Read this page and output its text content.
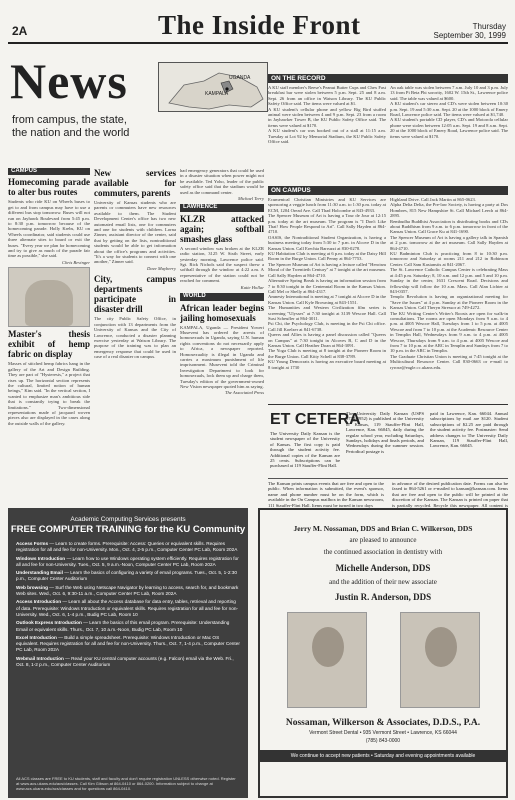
2A	The Inside Front	Thursday
September 30, 1999
News
from campus, the state,
the nation and the world
UGANDA
KAMPALA
CAMPUS
Homecoming parade to alter bus routes
Students who ride KU on Wheels buses to get to and from campus may have to use a different bus stop tomorrow. Buses will not run on Jayhawk Boulevard from 5:45 p.m. to 8:30 p.m. tomorrow because of the homecoming parade. Holly Krebs, KU on Wheels coordinator, said students could use three alternate sites to board or exit the buses. "Every year we plan for homecoming and try to give as much of the parade fair time as possible," she said.
Chris Bevinger
Master's thesis exhibit of hemp fabric on display
Masses of stitched hemp fabrics hang in the gallery of the Art and Design Building. They are part of "Hysteresis," a project that rises up. The horizontal section represents the cultural, limited notion of human beings," Kim said. "In the vertical section, I wanted to emphasize man's ambitious side that is constantly trying to break the limitations." Two-dimensional representations made of jacquard woven pieces also are displayed in the cases along the outside walls of the gallery.
New services available for commuters, parents
University of Kansas students who are parents or commuters have new resources available to them. The Student Development Center's office has two new automated email lists, one for commuters and one for students with children. Lorna Zinner, assistant director of the center, said that by getting on the lists, nontraditional students would be able to get information about the office's programs and activities. "It's a way for students to connect with one another," Zinner said.
Dave Mayberry
City, campus departments participate in disaster drill
The city Public Safety Office, in conjunction with 13 departments from the University of Kansas and the City of Lawrence, conducted a disaster planning exercise yesterday at Watson Library. The purpose of the training was to plan an emergency response that could be used in case of a real disaster on campus.
had emergency generators that could be used in a disaster situation when power might not be available. Ted Yoho, leader of the public safety office said that the stadium would be used as the command center.
Michael Terry
LAWRENCE
KLZR attacked again; softball smashes glass
A second window was broken at the KLZR radio station, 3125 W. Sixth Street, early yesterday morning, Lawrence police said. Sgt. Rick Nichols said the suspect threw a softball through the window at 4:22 a.m. A representative of the station could not be reached for comment.
Katie Hollar
WORLD
African leader begins jailing homosexuals
KAMPALA, Uganda — President Yoweri Museveni has ordered the arrests of homosexuals in Uganda, saying U.N. human rights conventions do not necessarily apply to Africa, a newspaper reported. Homosexuality is illegal in Uganda and carries a maximum punishment of life imprisonment. Museveni told the Criminal Investigation Department to look for homosexuals, lock them up and charge them, Tuesday's edition of the government-owned New Vision newspaper quoted him as saying.
The Associated Press
ON THE RECORD
A KU staff member's Reese's Peanut Butter Cups and Chex Fast breakfast bar were stolen between 5 p.m. Sept. 25 and 8 a.m. Sept. 26 from an office in Watson Library. The KU Public Safety Office said. The items were valued at $1.
A KU student's cellular phone and yellow Big Bird stuffed animal were stolen between 4 and 9 p.m. Sept. 23 from a room in Jayhawker Tower B, the KU Public Safety Office said. The items were valued at $170.
A KU student's car was booked out of a stall at 11:15 a.m. Tuesday at Lot 92 by Memorial Stadium, the KU Public Safety Office said.
An oak table was stolen between 7 a.m. July 10 and 3 p.m. July 13 from Pi Beta Phi sorority, 1602 W. 15th St., Lawrence police said. The table was valued at $600.
A KU student's car stereo and CD's were stolen between 10:30 p.m. Sept. 19 and 5:30 a.m. Sept. 20 at the 1000 block of Emery Road, Lawrence police said. The items were valued at $1,740.
A KU student's portable CD player, CD's and Motorola cellular phone were stolen between 12:05 a.m. Sept. 19 and 8 a.m. Sept. 20 at the 1000 block of Emery Road, Lawrence police said. The items were valued at $170.
ON CAMPUS
Ecumenical Christian Ministries and KU Services are sponsoring a veggie lunch from 11:30 a.m. to 1:30 p.m. today at ECM, 1204 Oread Ave. Call Thad Holcombe at 843-4933.
The Spencer Museum of Art is having a Tour de Jour at 12:15 p.m. today at the art museum. The program is "I Don't Like That! How People Respond to Art". Call Sally Hayden at 864-4710.
OASIS, the Nontraditional Student Organization, is having a business meeting today from 5:30 to 7 p.m. in Alcove D in the Kansas Union. Call Erechia Barruzzi at 830-0278.
KU Habitation Club is meeting at 6 p.m. today at the Daisy Hill Room in the Burge Union. Call Penny at 864-7753.
The Spencer Museum of Art is having a lecture called "Heroism Moral of the Twentieth Century" at 7 tonight at the art museum. Call Sally Hayden at 864-4710.
Alternative Spring Break is having an information session from 7 to 8:30 tonight in the Centennial Room in the Kansas Union. Call Mel or Shelly at 864-4317.
Amnesty International is meeting at 7 tonight at Alcove D in the Kansas Union. Call Kyle Browning at 843-1551.
The Humanities and Western Civilization film series is screening "Ulysses" at 7:30 tonight at 3139 Wescoe Hall. Call Susi Scheufler at 864-3011.
Psi Chi, the Psychology Club, is meeting in the Psi Chi office. Call Jill Koelzer at 841-6738.
Queers and Allies is having a panel discussion called "Queers on Campus" at 7:30 tonight in Alcoves B, C and D in the Kansas Union. Call Heather Doan at 864-3091.
The Yoga Club is meeting at 8 tonight at the Pioneer Room in the Burge Union. Call Kitty Schell at 838-3789.
KU Young Democrats is having an executive board meeting at 8 tonight at 1730
Highland Drive. Call Jack Martin at 865-0623.
Alpha Delta Delta, the Pre-law Society, is having a party at Dos Hombres, 815 New Hampshire St. Call Michael Leech at 864-2895.
Rembudha Buddhist Association is distributing books and CDs about Buddhism from 9 a.m. to 6 p.m. tomorrow in front of the Kansas Union. Call Grace Ku at 841-1690.
The Spencer Museum of Art is having a gallery talk in Spanish at 2 p.m. tomorrow at the art museum. Call Sally Hayden at 864-4710.
KU Badminton Club is practicing from 8 to 10:30 p.m. tomorrow and Saturday at rooms 211 and 212 in Robinson Center. Call Sam Kasianstis at 841-2067.
The St. Lawrence Catholic Campus Center is celebrating Mass at 4:45 p.m. Saturday; 8, 10 a.m. and 12 p.m. and 5 and 10 p.m. Sunday in the center, 1631 Crescent Road. Decisions and fellowship will follow the 10 a.m. Mass. Call Alan Lichter at 843-0357.
Templo Revolution is having an organizational meeting for "Save the Issues" at 4 p.m. Sunday at the Pioneer Room in the Kansas Union. Call Theryn Stressor at 749-4272.
The KU Writing Center's Writer's Roosts are open for walk-in consultations. The rooms are open Mondays from 9 a.m. to 4 p.m. at 4005 Wescoe Hall, Tuesdays from 1 to 5 p.m. at 4005 Wescoe and from 7 to 10 p.m. at the Academic Resource Center in Templin Hall, Wednesdays from 9 a.m. to 4 p.m. at 4005 Wescoe, Thursdays from 9 a.m. to 4 p.m. at 4005 Wescoe and from 7 to 10 p.m. at the ARC in Templin and Sundays from 7 to 10 p.m. in the ARC in Templin.
The Graduate Christian Union is meeting at 7:45 tonight at the Multicultural Resource Center. Call 830-0663 or e-mail to ryrose@eagle.cc.ukans.edu.
ET CETERA
The University Daily Kansan is the student newspaper of the University of Kansas. The first copy is paid through the student activity fee. Additional copies of the Kansan are 25 cents. Subscriptions can be purchased at 119 Stauffer-Flint Hall.
The University Daily Kansan (USPS 0734-4952) is published at the University of Kansas, 119 Stauffer-Flint Hall, Lawrence, Kan. 66045, daily during the regular school year, excluding Saturdays, Sundays, holidays and finals periods, and Wednesdays during the summer session. Periodical postage is
paid in Lawrence, Kan. 66044. Annual subscriptions by mail are $120. Student subscriptions of $2.25 are paid through the student activity fee. Postmaster: Send address changes to The University Daily Kansan, 119 Stauffer-Flint Hall, Lawrence, Kan. 66045.
The Kansan prints campus events that are free and open to the public. When information is submitted, the event's sponsor, name and phone number must be on the form, which is available in the On Campus mailbox in the Kansan newsroom, 111 Stauffer-Flint Hall. Items must be turned in two days
in advance of the desired publication date. Forms can also be faxed to 864-5261 or e-mailed to kansan@kansan.com. Items that are free and open to the public will be printed at the discretion of the Kansan. The Kansan is printed on paper that is partially recycled. Recycle this newspaper. All content is
Academic Computing Services presents
FREE COMPUTER TRAINING for the KU Community
Access Forms — Learn to create forms. Prerequisite: Access: Queries or equivalent skills. Requires registration for all and fee for non-University. Mon., Oct. 4, 2-5 p.m., Computer Center PC Lab, Room 202A
Windows Introduction — Learn how to use Windows operating system efficiently. Requires registration for all and fee for non-University. Tues., Oct. 5, 9 a.m.-Noon, Computer Center PC Lab, Room 202A
Understanding Email — Learn the basics of configuring a variety of email programs. Tues., Oct. 5, 1-2:30 p.m., Computer Center Auditorium
Web browsing — Surf the Web using Netscape Navigator by learning to access, search for, and bookmark Web sites. Wed., Oct. 6, 9:30-11 a.m., Computer Center PC Lab, Room 202A
Access Introduction — Learn all about the Access database for data entry, tables, retrieval and reporting of data. Prerequisite: Windows Introduction or equivalent skills. Requires registration for all and fee for non-University. Wed., Oct. 6, 1-4 p.m., Budig PC Lab, Room 10
Outlook Express Introduction — Learn the basics of this email program. Prerequisite: Understanding Email or equivalent skills. Thurs., Oct. 7, 10 a.m.-Noon, Budig PC Lab, Room 10
Excel Introduction — Build a simple spreadsheet. Prerequisite: Windows Introduction or Mac OS equivalent. Requires registration for all and fee for non-University. Thurs., Oct. 7, 1-4 p.m., Computer Center PC Lab, Room 202A
Webmail Introduction — Read your KU central computer accounts (e.g. Falcon) email via the Web. Fri., Oct. 8, 1-2 p.m., Computer Center Auditorium
All ACS classes are FREE to KU students, staff and faculty and don't require registration UNLESS otherwise noted. Register at www.acs.ukans.edu/acs/classes. Call Kim Gibson at 864-0410 or 864-0200. Information subject to change at www.acs.ukans.edu/acs/classes and for questions call 864-0410.
Jerry M. Nossaman, DDS and Brian C. Wilkerson, DDS
are pleased to announce
the continued association in dentistry with
Michelle Anderson, DDS
and the addition of their new associate
Justin R. Anderson, DDS
Nossaman, Wilkerson & Associates, D.D.S., P.A.
Vermont Street Dental • 935 Vermont Street • Lawrence, KS 66044
(785) 843-0000
We continue to accept new patients • Saturday and evening appointments available
